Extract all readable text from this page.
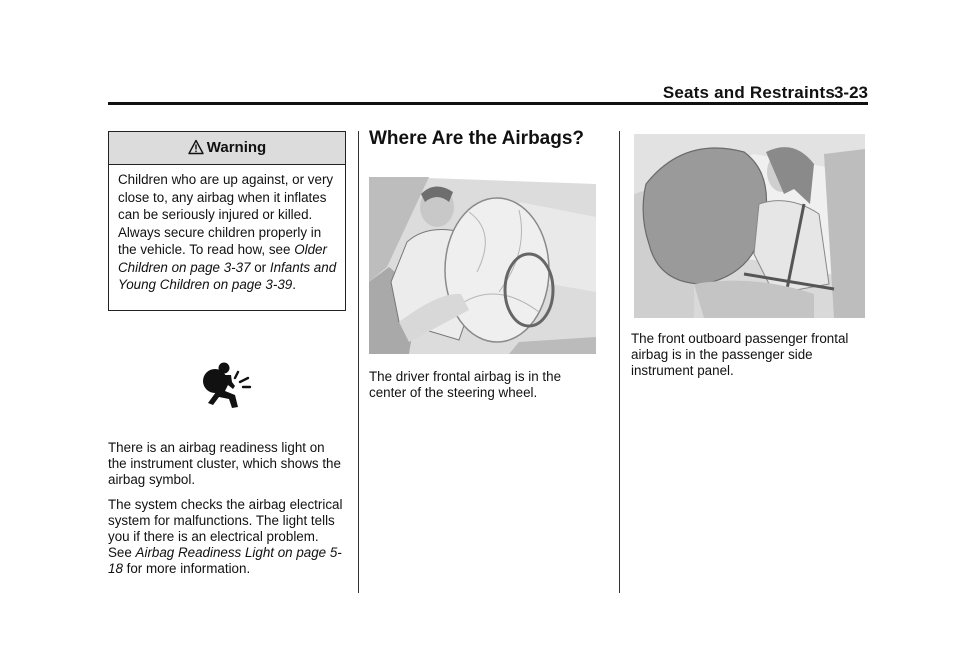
Seats and Restraints
3-23
Warning
Children who are up against, or very close to, any airbag when it inflates can be seriously injured or killed. Always secure children properly in the vehicle. To read how, see Older Children on page 3-37 or Infants and Young Children on page 3-39.
There is an airbag readiness light on the instrument cluster, which shows the airbag symbol.
The system checks the airbag electrical system for malfunctions. The light tells you if there is an electrical problem. See Airbag Readiness Light on page 5-18 for more information.
Where Are the Airbags?
The driver frontal airbag is in the center of the steering wheel.
The front outboard passenger frontal airbag is in the passenger side instrument panel.
